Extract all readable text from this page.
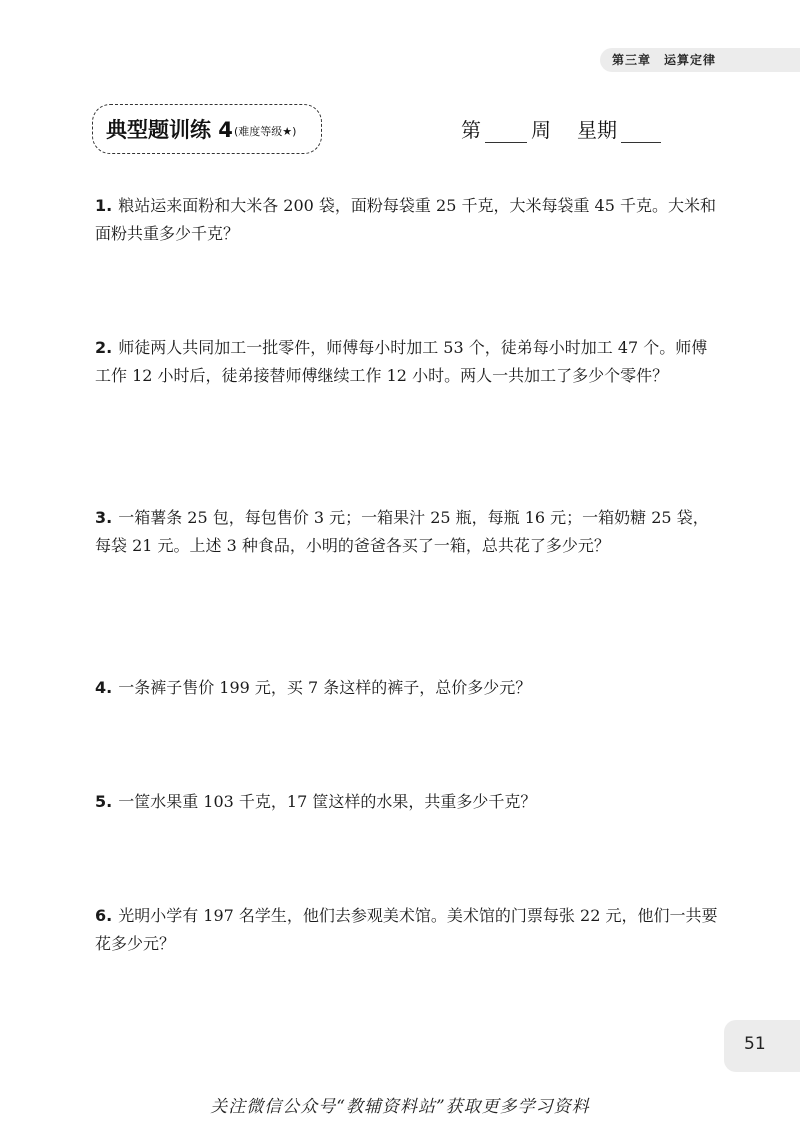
第三章　运算定律
典型题训练 4(难度等级★)	第	周 星期
1. 粮站运来面粉和大米各 200 袋，面粉每袋重 25 千克，大米每袋重 45 千克。大米和面粉共重多少千克？
2. 师徒两人共同加工一批零件，师傅每小时加工 53 个，徒弟每小时加工 47 个。师傅工作 12 小时后，徒弟接替师傅继续工作 12 小时。两人一共加工了多少个零件？
3. 一箱薯条 25 包，每包售价 3 元；一箱果汁 25 瓶，每瓶 16 元；一箱奶糖 25 袋，每袋 21 元。上述 3 种食品，小明的爸爸各买了一箱，总共花了多少元？
4. 一条裤子售价 199 元，买 7 条这样的裤子，总价多少元？
5. 一筐水果重 103 千克，17 筐这样的水果，共重多少千克？
6. 光明小学有 197 名学生，他们去参观美术馆。美术馆的门票每张 22 元，他们一共要花多少元？
51
关注微信公众号“教辅资料站”获取更多学习资料
